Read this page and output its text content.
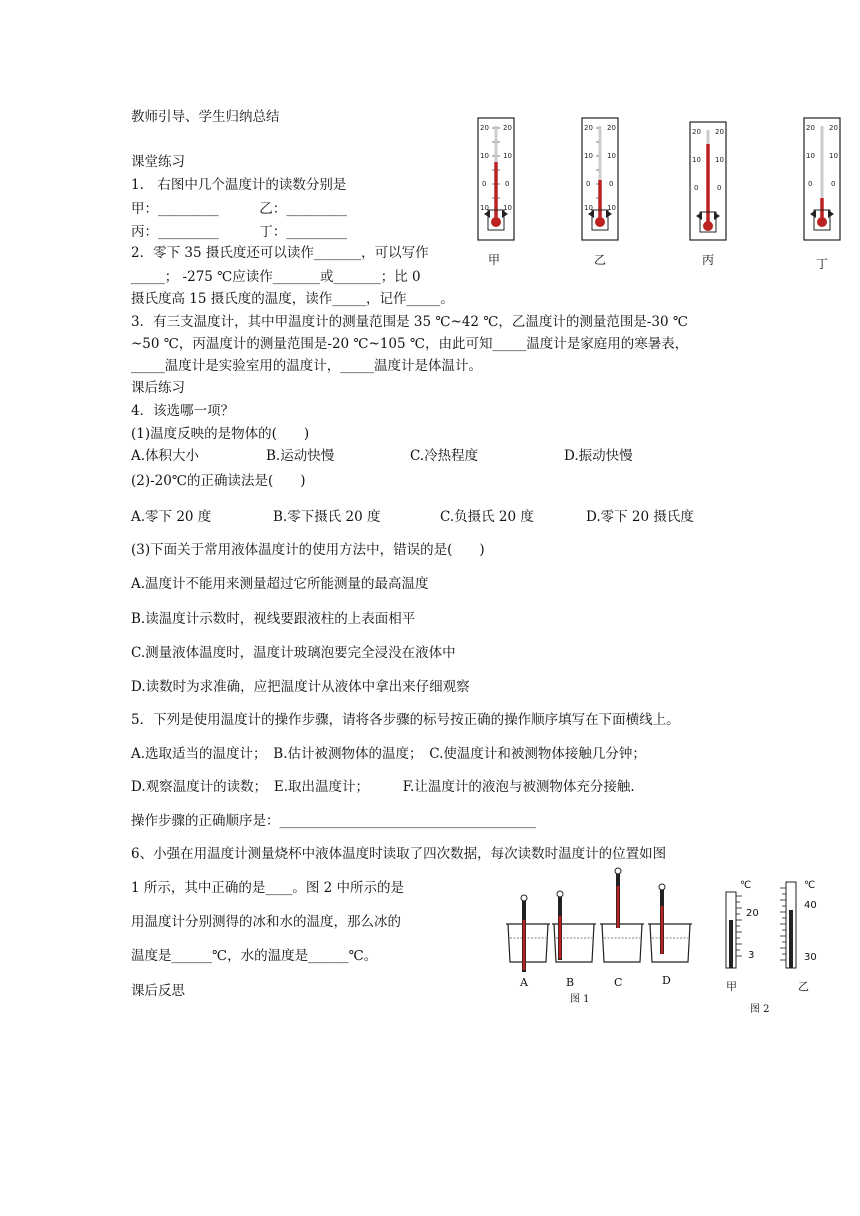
教师引导、学生归纳总结
课堂练习
1.　右图中几个温度计的读数分别是
甲：_________　　　乙：_________
丙：_________　　　丁：_________
2．零下 35 摄氏度还可以读作_______，可以写作
_____； -275 ℃应读作_______或_______；比 0
摄氏度高 15 摄氏度的温度，读作_____，记作_____。
3．有三支温度计，其中甲温度计的测量范围是 35 ℃~42 ℃，乙温度计的测量范围是-30 ℃
~50 ℃，丙温度计的测量范围是-20 ℃~105 ℃，由此可知_____温度计是家庭用的寒暑表，
_____温度计是实验室用的温度计，_____温度计是体温计。
课后练习
4．该选哪一项？
(1)温度反映的是物体的(　　)
A.体积大小	B.运动快慢	C.冷热程度	D.振动快慢
(2)-20℃的正确读法是(　　)
A.零下 20 度	B.零下摄氏 20 度	C.负摄氏 20 度	D.零下 20 摄氏度
(3)下面关于常用液体温度计的使用方法中，错误的是(　　)
A.温度计不能用来测量超过它所能测量的最高温度
B.读温度计示数时，视线要跟液柱的上表面相平
C.测量液体温度时，温度计玻璃泡要完全浸没在液体中
D.读数时为求准确，应把温度计从液体中拿出来仔细观察
5．下列是使用温度计的操作步骤，请将各步骤的标号按正确的操作顺序填写在下面横线上。
A.选取适当的温度计；　B.估计被测物体的温度；　C.使温度计和被测物体接触几分钟；
D.观察温度计的读数；　E.取出温度计；　　　F.让温度计的液泡与被测物体充分接触.
操作步骤的正确顺序是：______________________________________
6、小强在用温度计测量烧杯中液体温度时读取了四次数据，每次读数时温度计的位置如图
1 所示，其中正确的是____。图 2 中所示的是
用温度计分别测得的冰和水的温度，那么冰的
温度是______℃，水的温度是______℃。
课后反思
20 20
10 10
0	0
10 10
20 20
10 10
0	0
10 10
20 20
10 10
0	0
20 20
10 10
0	0
甲	乙	丙	丁
A	B	C	D
图 1
℃	℃
20
3
40
30
甲	乙
图 2
